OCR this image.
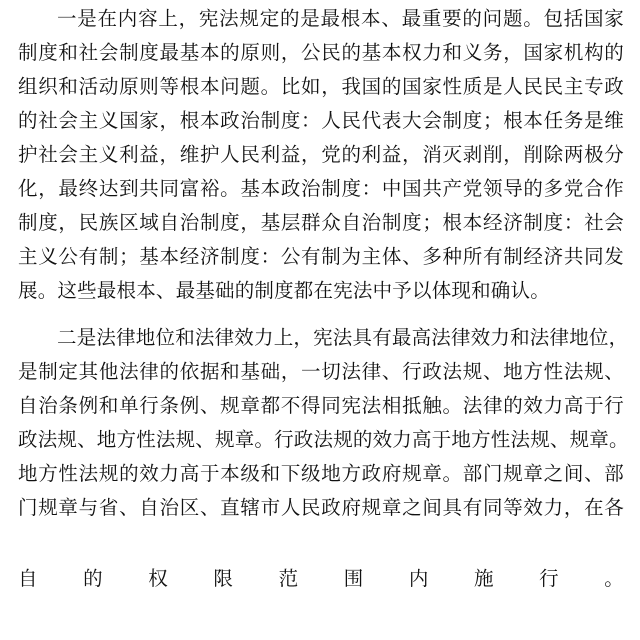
一是在内容上，宪法规定的是最根本、最重要的问题。包括国家
制度和社会制度最基本的原则，公民的基本权力和义务，国家机构的
组织和活动原则等根本问题。比如，我国的国家性质是人民民主专政
的社会主义国家，根本政治制度：人民代表大会制度；根本任务是维
护社会主义利益，维护人民利益，党的利益，消灭剥削，削除两极分
化，最终达到共同富裕。基本政治制度：中国共产党领导的多党合作
制度，民族区域自治制度，基层群众自治制度；根本经济制度：社会
主义公有制；基本经济制度：公有制为主体、多种所有制经济共同发
展。这些最根本、最基础的制度都在宪法中予以体现和确认。
二是法律地位和法律效力上，宪法具有最高法律效力和法律地位，
是制定其他法律的依据和基础，一切法律、行政法规、地方性法规、
自治条例和单行条例、规章都不得同宪法相抵触。法律的效力高于行
政法规、地方性法规、规章。行政法规的效力高于地方性法规、规章。
地方性法规的效力高于本级和下级地方政府规章。部门规章之间、部
门规章与省、自治区、直辖市人民政府规章之间具有同等效力，在各
自的权限范围内施行。
